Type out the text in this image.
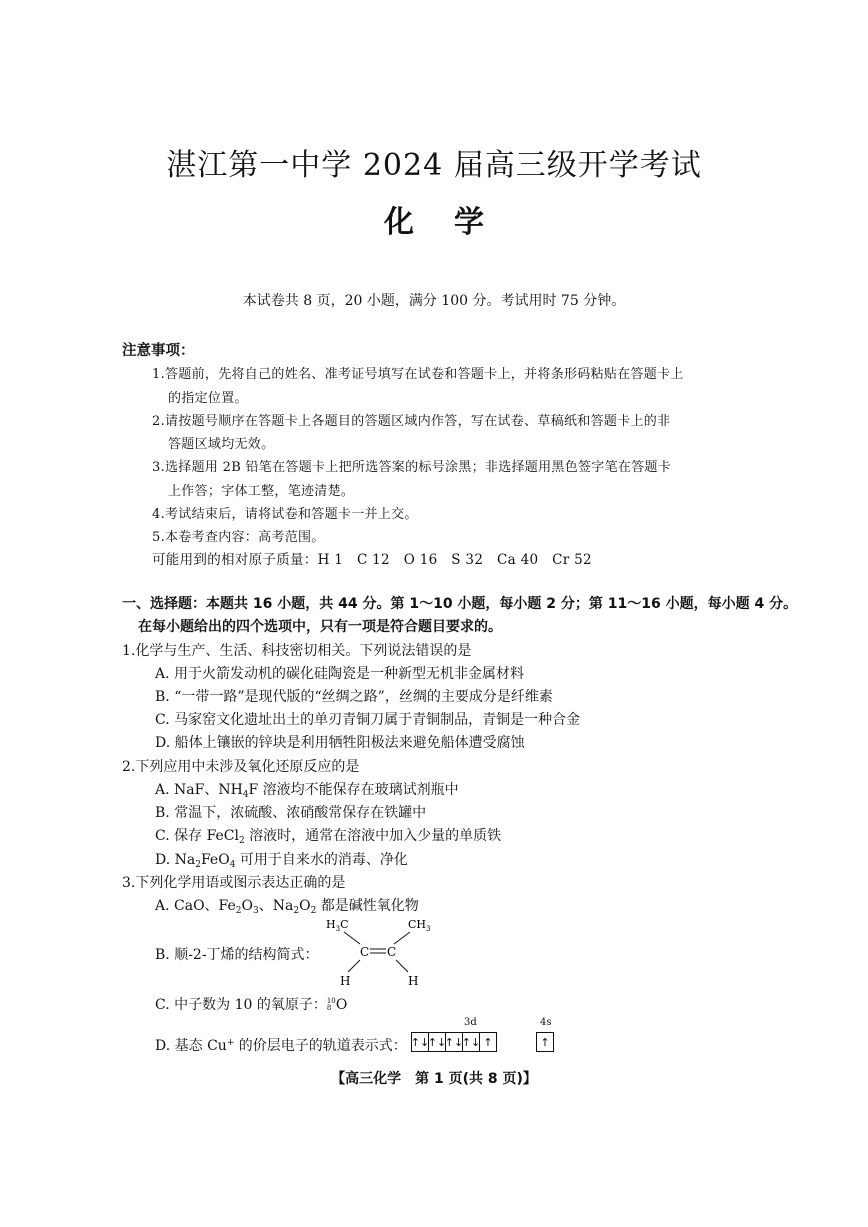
湛江第一中学 2024 届高三级开学考试
化学
本试卷共 8 页，20 小题，满分 100 分。考试用时 75 分钟。
注意事项：
1.答题前，先将自己的姓名、准考证号填写在试卷和答题卡上，并将条形码粘贴在答题卡上
的指定位置。
2.请按题号顺序在答题卡上各题目的答题区域内作答，写在试卷、草稿纸和答题卡上的非
答题区域均无效。
3.选择题用 2B 铅笔在答题卡上把所选答案的标号涂黑；非选择题用黑色签字笔在答题卡
上作答；字体工整，笔迹清楚。
4.考试结束后，请将试卷和答题卡一并上交。
5.本卷考查内容：高考范围。
可能用到的相对原子质量：H 1　C 12　O 16　S 32　Ca 40　Cr 52
一、选择题：本题共 16 小题，共 44 分。第 1～10 小题，每小题 2 分；第 11～16 小题，每小题 4 分。
在每小题给出的四个选项中，只有一项是符合题目要求的。
1.化学与生产、生活、科技密切相关。下列说法错误的是
A. 用于火箭发动机的碳化硅陶瓷是一种新型无机非金属材料
B. “一带一路”是现代版的“丝绸之路”，丝绸的主要成分是纤维素
C. 马家窑文化遗址出土的单刃青铜刀属于青铜制品，青铜是一种合金
D. 船体上镶嵌的锌块是利用牺牲阳极法来避免船体遭受腐蚀
2.下列应用中未涉及氧化还原反应的是
A. NaF、$NH_4F$ 溶液均不能保存在玻璃试剂瓶中
B. 常温下，浓硫酸、浓硝酸常保存在铁罐中
C. 保存 FeCl$_2$ 溶液时，通常在溶液中加入少量的单质铁
D. $Na_2FeO_4$ 可用于自来水的消毒、净化
3.下列化学用语或图示表达正确的是
A. CaO、$Fe_2O_3$、$Na_2O_2$ 都是碱性氧化物
B. 顺-2-丁烯的结构简式：
$H_3C$	$CH_3$
C C
H	H
C. 中子数为 10 的氧原子： 10
8 O
D. 基态 Cu+ 的价层电子的轨道表示式：
3d	4s
↑↓
↑↓
↑↓
↑↓ ↑	↑
【高三化学　第 1 页(共 8 页)】
